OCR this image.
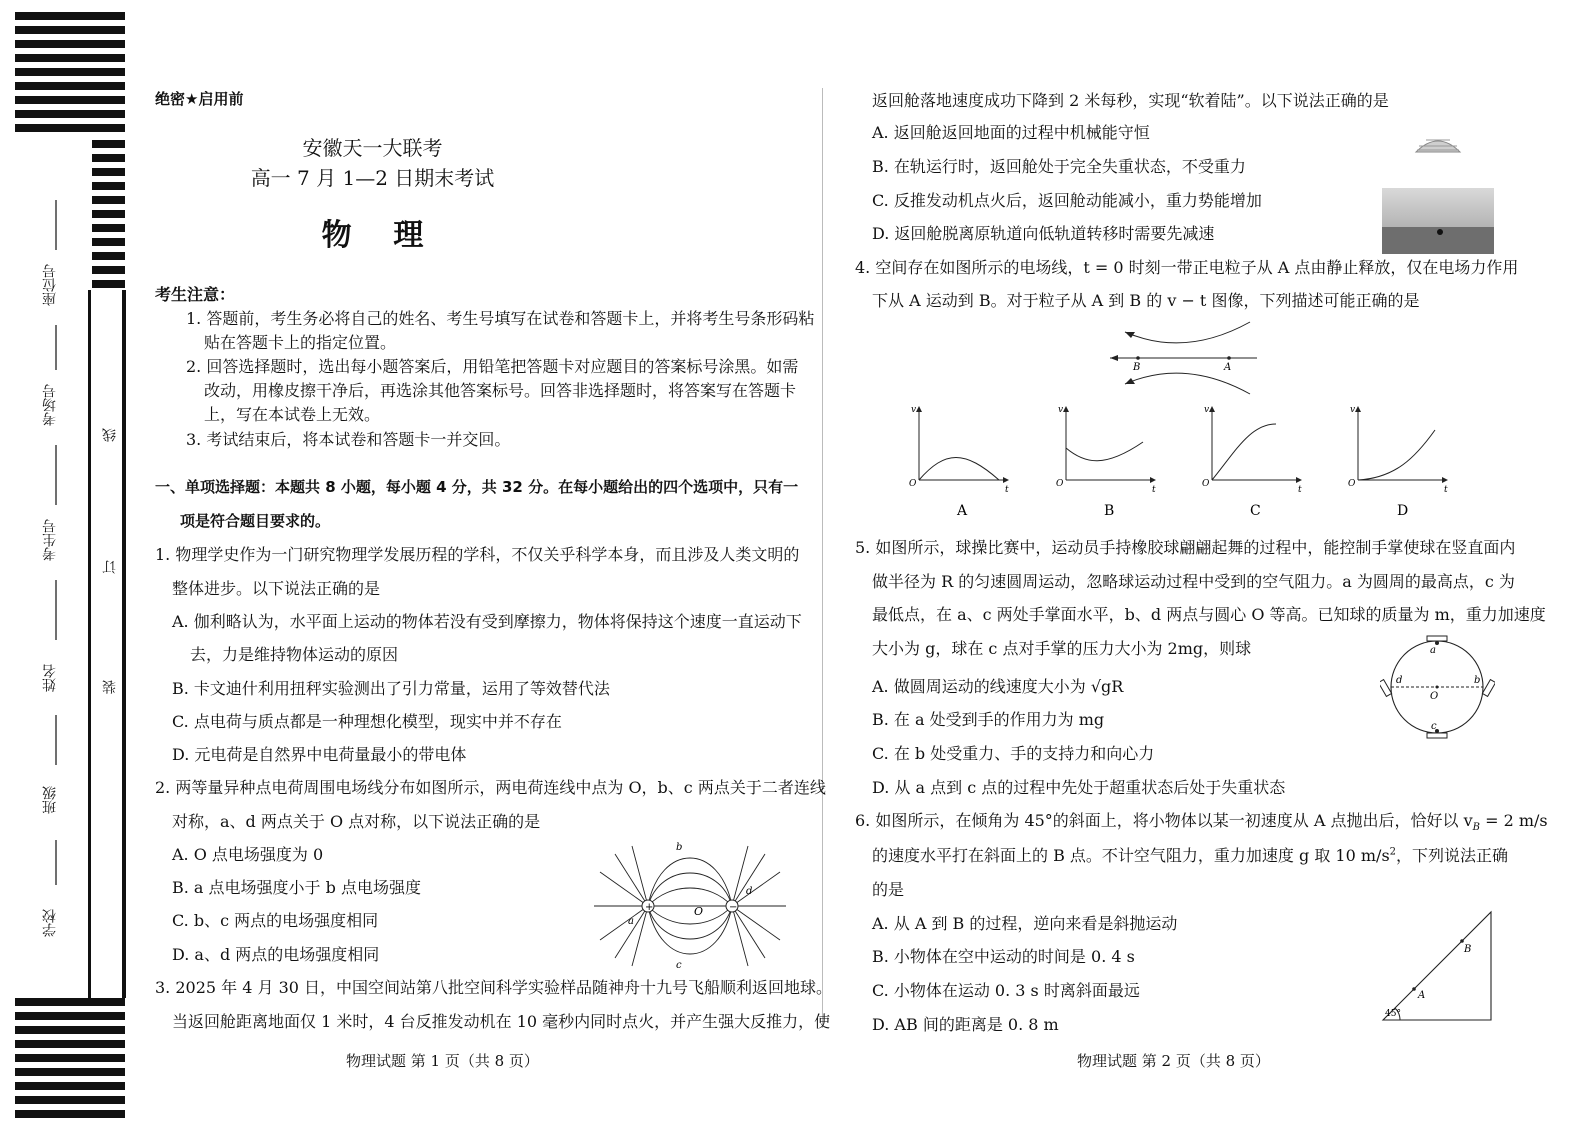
座位号
考场号
考生号
姓名
班级
学校
线
订
装
绝密★启用前
安徽天一大联考
高一 7 月 1—2 日期末考试
物    理
考生注意：
1. 答题前，考生务必将自己的姓名、考生号填写在试卷和答题卡上，并将考生号条形码粘
贴在答题卡上的指定位置。
2. 回答选择题时，选出每小题答案后，用铅笔把答题卡对应题目的答案标号涂黑。如需
改动，用橡皮擦干净后，再选涂其他答案标号。回答非选择题时，将答案写在答题卡
上，写在本试卷上无效。
3. 考试结束后，将本试卷和答题卡一并交回。
一、单项选择题：本题共 8 小题，每小题 4 分，共 32 分。在每小题给出的四个选项中，只有一
项是符合题目要求的。
1. 物理学史作为一门研究物理学发展历程的学科，不仅关乎科学本身，而且涉及人类文明的
整体进步。以下说法正确的是
A. 伽利略认为，水平面上运动的物体若没有受到摩擦力，物体将保持这个速度一直运动下
去，力是维持物体运动的原因
B. 卡文迪什利用扭秤实验测出了引力常量，运用了等效替代法
C. 点电荷与质点都是一种理想化模型，现实中并不存在
D. 元电荷是自然界中电荷量最小的带电体
2. 两等量异种点电荷周围电场线分布如图所示，两电荷连线中点为 O，b、c 两点关于二者连线
对称，a、d 两点关于 O 点对称，以下说法正确的是
A. O 点电场强度为 0
B. a 点电场强度小于 b 点电场强度
C. b、c 两点的电场强度相同
D. a、d 两点的电场强度相同
+	−
b
c
a
d
O
3. 2025 年 4 月 30 日，中国空间站第八批空间科学实验样品随神舟十九号飞船顺利返回地球。
当返回舱距离地面仅 1 米时，4 台反推发动机在 10 毫秒内同时点火，并产生强大反推力，使
物理试题 第 1 页（共 8 页）
返回舱落地速度成功下降到 2 米每秒，实现“软着陆”。以下说法正确的是
A. 返回舱返回地面的过程中机械能守恒
B. 在轨运行时，返回舱处于完全失重状态，不受重力
C. 反推发动机点火后，返回舱动能减小，重力势能增加
D. 返回舱脱离原轨道向低轨道转移时需要先减速
4. 空间存在如图所示的电场线，t = 0 时刻一带正电粒子从 A 点由静止释放，仅在电场力作用
下从 A 运动到 B。对于粒子从 A 到 B 的 v − t 图像，下列描述可能正确的是
B	A
v
t
O
v
t
O
v
t
O
v
t
O
A	B	C	D
5. 如图所示，球操比赛中，运动员手持橡胶球翩翩起舞的过程中，能控制手掌使球在竖直面内
做半径为 R 的匀速圆周运动，忽略球运动过程中受到的空气阻力。a 为圆周的最高点，c 为
最低点，在 a、c 两处手掌面水平，b、d 两点与圆心 O 等高。已知球的质量为 m，重力加速度
大小为 g，球在 c 点对手掌的压力大小为 2mg，则球
A. 做圆周运动的线速度大小为 √gR
B. 在 a 处受到手的作用力为 mg
C. 在 b 处受重力、手的支持力和向心力
D. 从 a 点到 c 点的过程中先处于超重状态后处于失重状态
a
b
c
d
O
6. 如图所示，在倾角为 45°的斜面上，将小物体以某一初速度从 A 点抛出后，恰好以 $v_B = 2$ m/s
的速度水平打在斜面上的 B 点。不计空气阻力，重力加速度 g 取 10 $m/s^2$，下列说法正确
的是
A. 从 A 到 B 的过程，逆向来看是斜抛运动
B. 小物体在空中运动的时间是 0. 4 s
C. 小物体在运动 0. 3 s 时离斜面最远
D. AB 间的距离是 0. 8 m
A
B
45°
物理试题 第 2 页（共 8 页）
